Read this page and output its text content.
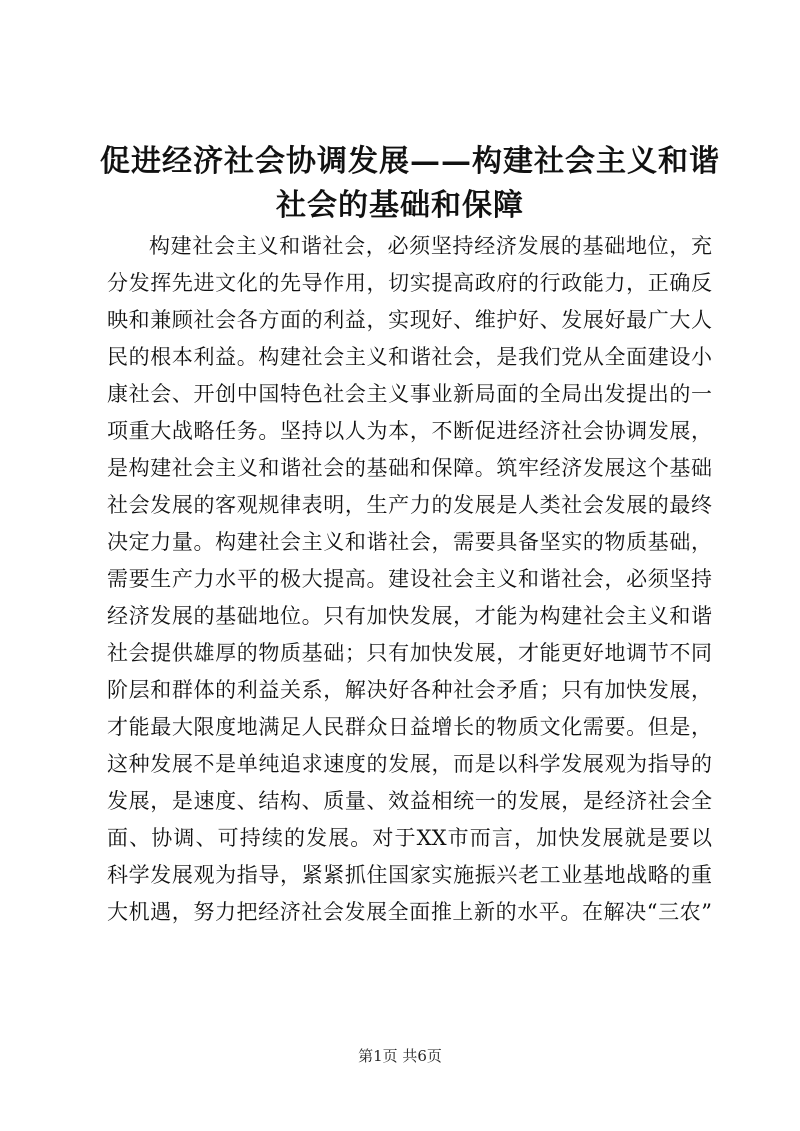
促进经济社会协调发展——构建社会主义和谐
社会的基础和保障
构建社会主义和谐社会，必须坚持经济发展的基础地位，充
分发挥先进文化的先导作用，切实提高政府的行政能力，正确反
映和兼顾社会各方面的利益，实现好、维护好、发展好最广大人
民的根本利益。构建社会主义和谐社会，是我们党从全面建设小
康社会、开创中国特色社会主义事业新局面的全局出发提出的一
项重大战略任务。坚持以人为本，不断促进经济社会协调发展，
是构建社会主义和谐社会的基础和保障。筑牢经济发展这个基础
社会发展的客观规律表明，生产力的发展是人类社会发展的最终
决定力量。构建社会主义和谐社会，需要具备坚实的物质基础，
需要生产力水平的极大提高。建设社会主义和谐社会，必须坚持
经济发展的基础地位。只有加快发展，才能为构建社会主义和谐
社会提供雄厚的物质基础；只有加快发展，才能更好地调节不同
阶层和群体的利益关系，解决好各种社会矛盾；只有加快发展，
才能最大限度地满足人民群众日益增长的物质文化需要。但是，
这种发展不是单纯追求速度的发展，而是以科学发展观为指导的
发展，是速度、结构、质量、效益相统一的发展，是经济社会全
面、协调、可持续的发展。对于XX市而言，加快发展就是要以
科学发展观为指导，紧紧抓住国家实施振兴老工业基地战略的重
大机遇，努力把经济社会发展全面推上新的水平。在解决“三农”
第1页 共6页
